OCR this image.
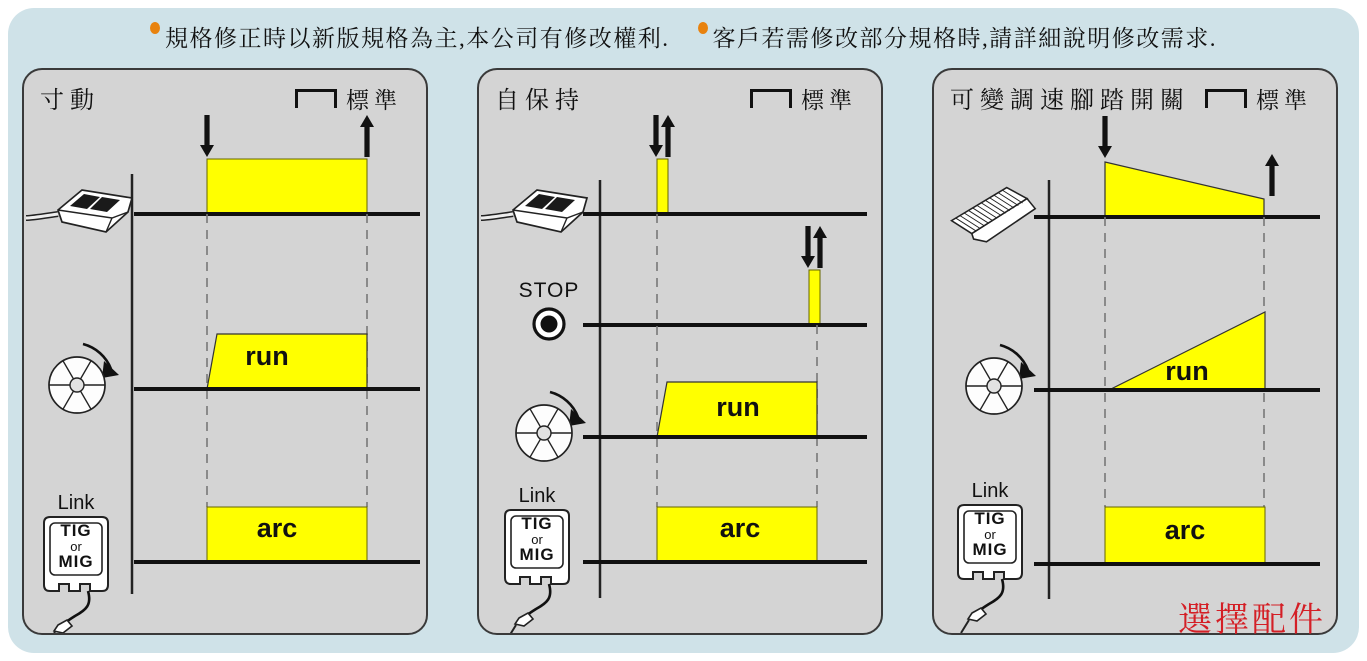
規格修正時以新版規格為主,本公司有修改權利. 客戶若需修改部分規格時,請詳細說明修改需求.
寸動	標準
run
arc
Link
TIG
or
MIG
自保持	標準
STOP
run
arc
Link
TIG
or
MIG
可變調速腳踏開關	標準
run
arc
Link
TIG
or
MIG
選擇配件
